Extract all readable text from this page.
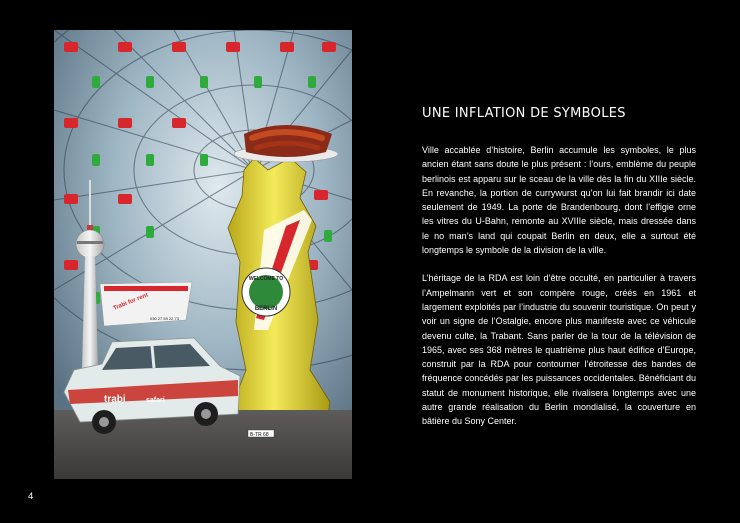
WELCOME TO
BERLIN
Trabi for rent
030 27 59 22 73
trabi	safari
B-TR 68
UNE INFLATION DE SYMBOLES

Ville accablée d’histoire, Berlin accumule les symboles, le plus ancien étant sans doute le plus présent : l’ours, emblème du peuple berlinois est apparu sur le sceau de la ville dès la fin du XIIIe siècle. En revanche, la portion de currywurst qu’on lui fait brandir ici date seulement de 1949. La porte de Brandenbourg, dont l’effigie orne les vitres du U-Bahn, remonte au XVIIIe siècle, mais dressée dans le no man’s land qui coupait Berlin en deux, elle a surtout été longtemps le symbole de la division de la ville.

L’héritage de la RDA est loin d’être occulté, en particulier à travers l’Ampelmann vert et son compère rouge, créés en 1961 et largement exploités par l’industrie du souvenir touristique. On peut y voir un signe de l’Ostalgie, encore plus manifeste avec ce véhicule devenu culte, la Trabant. Sans parler de la tour de la télévision de 1965, avec ses 368 mètres le quatrième plus haut édifice d’Europe, construit par la RDA pour contourner l’étroitesse des bandes de fréquence concédés par les puissances occidentales. Bénéficiant du statut de monument historique, elle rivalisera longtemps avec une autre grande réalisation du Berlin mondialisé, la couverture en bâtière du Sony Center.

4
